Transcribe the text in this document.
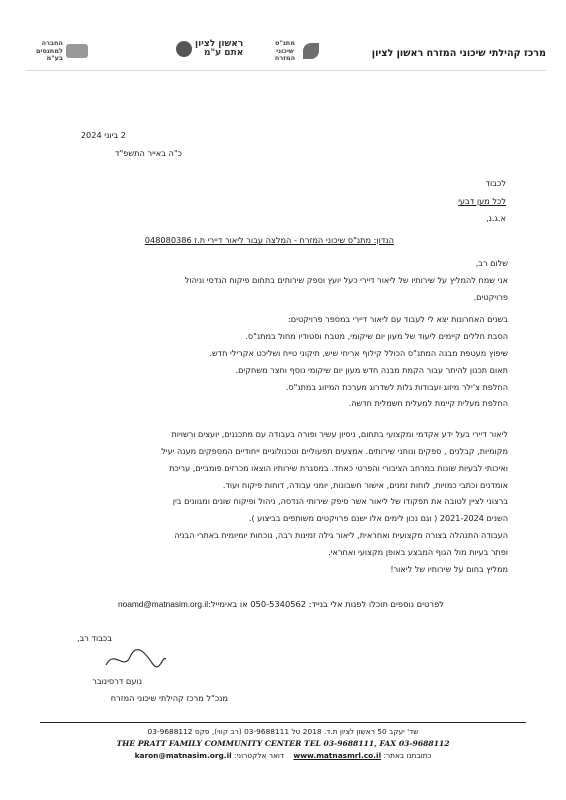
מרכז קהילתי שיכוני המזרח ראשון לציון
מתנ"ס שיכוני המזרח
ראשון לציון
אתם ע"מ
החברה
למתנסים
בע"מ
2 ביוני 2024
כ"ה באייר התשפ"ד
לכבוד
לכל מען דבעי
א.ג.נ,
הנדון: מתנ"ס שיכוני המזרח - המלצה עבור ליאור דיירי ת.ז 048080386

שלום רב,

אני שמח להמליץ על שירותיו של ליאור דיירי כעל יועץ וספק שירותים בתחום פיקוח הנדסי וניהול

פרויקטים.

בשנים האחרונות יצא לי לעבוד עם ליאור דיירי במספר פרויקטים:

הסבת חללים קיימים ליעוד של מעון יום שיקומי, מטבח וסטודיו מחול במתנ"ס.

שיפוץ מעטפת מבנה המתנ"ס הכולל קילוף אריחי שיש, תיקוני טייח ושליכט אקרילי חדש.

תאום תכנון להיתר עבור הקמת מבנה חדש מעון יום שיקומי נוסף וחצר משחקים.

החלפת צ'ילר מיזוג ועבודות גלות לשדרוג מערכת המיזוג במתנ"ס.

החלפת מעלית קיימת למעלית חשמלית חדשה.

ליאור דיירי בעל ידע אקדמי ומקצועי בתחום, ניסיון עשיר ופורה בעבודה עם מתכננים, יועצים ורשויות

מקומיות, קבלנים , ספקים ונותני שירותים. אמצעים תפעוליים וטכנולוגיים ייחודיים המספקים מענה יעיל

ואיכותי לבעיות שונות במרחב הציבורי והפרטי כאחד. במסגרת שירותיו הוצאו מכרזים פומביים, עריכת

אומדנים וכתבי כמויות, לוחות זמנים, אישור חשבונות, יומני עבודה, דוחות פיקוח ועוד.

ברצוני לציין לטובה את תפקודו של ליאור אשר סיפק שירותי הנדסה, ניהול ופיקוח שונים ומגוונים בין

השנים 2021-2024 ( וגם נכון לימים אלו ישנם פרויקטים משותפים בביצוע ).

העבודה התנהלה בצורה מקצועית ואחראית, ליאור גילה זמינות רבה, נוכחות יומיומית באתרי הבניה

ופתר בעיות מול הגוף המבצע באופן מקצועי ואחראי.

ממליץ בחום על שירותיו של ליאור!

לפרטים נוספים תוכלו לפנות אלי בנייד: 050-5340562 או באימייל:
noamd@matnasim.org.il
בכבוד רב,
נועם דרסינובר
מנכ"ל מרכז קהילתי שיכוני המזרח
שד' יעקב 50 ראשון לציון ת.ד. 2018 טל 03-9688111 (רב קווי), פקס 03-9688112
THE PRATT FAMILY COMMUNITY CENTER TEL 03-9688111, FAX 03-9688112
כתובתנו באתר: www.matnasmrl.co.il    דואר אלקטרוני: karon@matnasim.org.il
